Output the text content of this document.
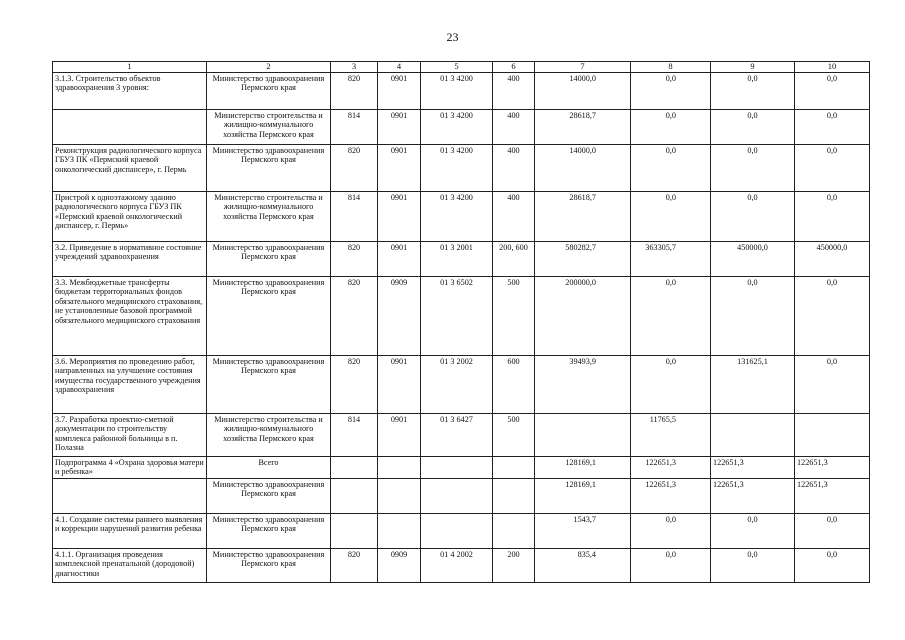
23
1	2	3	4	5	6	7	8	9	10
3.1.3. Строительство объектов здравоохранения 3 уровня:	Министерство здравоохранения Пермского края	820	0901	01 3 4200	400	14000,0	0,0	0,0	0,0
	Министерство строительства и жилищно-коммунального хозяйства Пермского края	814	0901	01 3 4200	400	28618,7	0,0	0,0	0,0
Реконструкция радиологического корпуса ГБУЗ ПК «Пермский краевой онкологический диспансер», г. Пермь	Министерство здравоохранения Пермского края	820	0901	01 3 4200	400	14000,0	0,0	0,0	0,0
Пристрой к одноэтажному зданию радиологического корпуса ГБУЗ ПК «Пермский краевой онкологический диспансер, г. Пермь»	Министерство строительства и жилищно-коммунального хозяйства Пермского края	814	0901	01 3 4200	400	28618,7	0,0	0,0	0,0
3.2. Приведение в нормативное состояние учреждений здравоохранения	Министерство здравоохранения Пермского края	820	0901	01 3 2001	200, 600	580282,7	363305,7	450000,0	450000,0
3.3. Межбюджетные трансферты бюджетам территориальных фондов обязательного медицинского страхования, не установленные базовой программой обязательного медицинского страхования	Министерство здравоохранения Пермского края	820	0909	01 3 6502	500	200000,0	0,0	0,0	0,0
3.6. Мероприятия по проведению работ, направленных на улучшение состояния имущества государственного учреждения здравоохранения	Министерство здравоохранения Пермского края	820	0901	01 3 2002	600	39493,9	0,0	131625,1	0,0
3.7. Разработка проектно-сметной документации по строительству комплекса районной больницы в п. Полазна	Министерство строительства и жилищно-коммунального хозяйства Пермского края	814	0901	01 3 6427	500		11765,5		
Подпрограмма 4 «Охрана здоровья матери и ребенка»	Всего					128169,1	122651,3	122651,3	122651,3
	Министерство здравоохранения Пермского края					128169,1	122651,3	122651,3	122651,3
4.1. Создание системы раннего выявления и коррекции нарушений развития ребенка	Министерство здравоохранения Пермского края					1543,7	0,0	0,0	0,0
4.1.1. Организация проведения комплексной пренатальной (дородовой) диагностики	Министерство здравоохранения Пермского края	820	0909	01 4 2002	200	835,4	0,0	0,0	0,0
